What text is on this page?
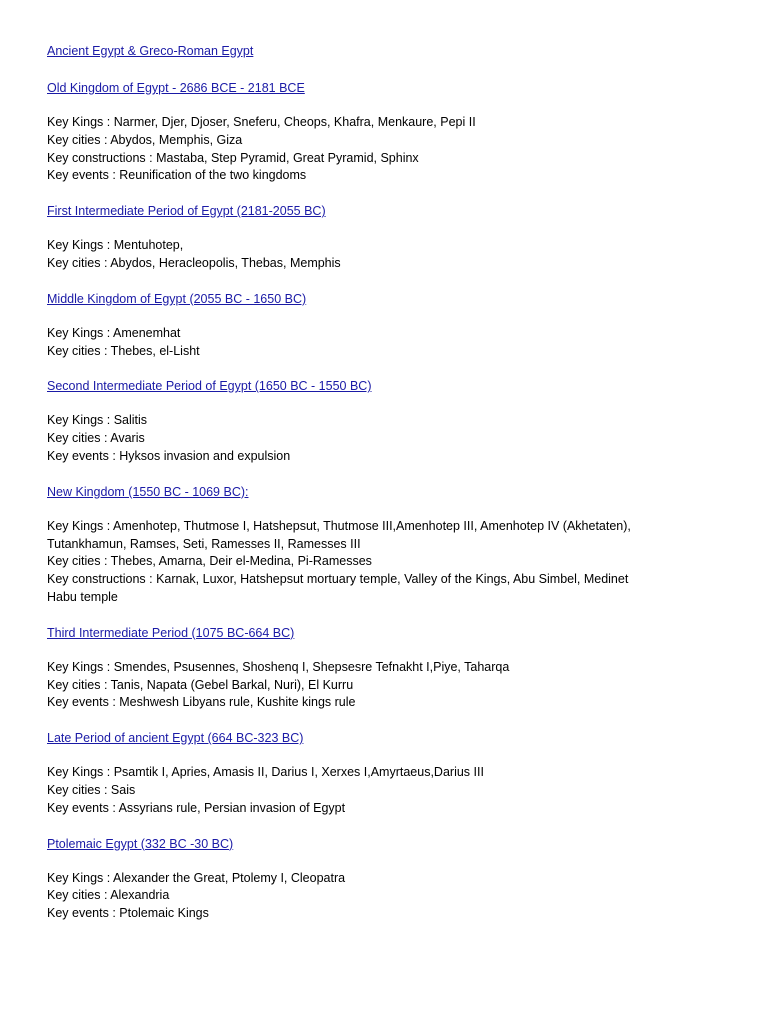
Ancient Egypt & Greco-Roman Egypt
Old Kingdom of Egypt - 2686 BCE - 2181 BCE
Key Kings : Narmer, Djer, Djoser, Sneferu, Cheops, Khafra, Menkaure, Pepi II
Key cities : Abydos, Memphis, Giza
Key constructions : Mastaba, Step Pyramid, Great Pyramid, Sphinx
Key events : Reunification of the two kingdoms
First Intermediate Period of Egypt (2181-2055 BC)
Key Kings : Mentuhotep,
Key cities : Abydos, Heracleopolis, Thebas, Memphis
Middle Kingdom of Egypt (2055 BC - 1650 BC)
Key Kings : Amenemhat
Key cities : Thebes, el-Lisht
Second Intermediate Period of Egypt (1650 BC - 1550 BC)
Key Kings : Salitis
Key cities : Avaris
Key events : Hyksos invasion and expulsion
New Kingdom (1550 BC - 1069 BC):
Key Kings : Amenhotep, Thutmose I, Hatshepsut, Thutmose III,Amenhotep III, Amenhotep IV (Akhetaten),
Tutankhamun, Ramses, Seti, Ramesses II, Ramesses III
Key cities : Thebes, Amarna, Deir el-Medina, Pi-Ramesses
Key constructions : Karnak, Luxor, Hatshepsut mortuary temple, Valley of the Kings, Abu Simbel, Medinet
Habu temple
Third Intermediate Period (1075 BC-664 BC)
Key Kings : Smendes, Psusennes, Shoshenq I, Shepsesre Tefnakht I,Piye, Taharqa
Key cities : Tanis, Napata (Gebel Barkal, Nuri), El Kurru
Key events : Meshwesh Libyans rule, Kushite kings rule
Late Period of ancient Egypt (664 BC-323 BC)
Key Kings : Psamtik I, Apries, Amasis II, Darius I, Xerxes I,Amyrtaeus,Darius III
Key cities : Sais
Key events : Assyrians rule, Persian invasion of Egypt
Ptolemaic Egypt (332 BC -30 BC)
Key Kings : Alexander the Great, Ptolemy I, Cleopatra
Key cities : Alexandria
Key events : Ptolemaic Kings
